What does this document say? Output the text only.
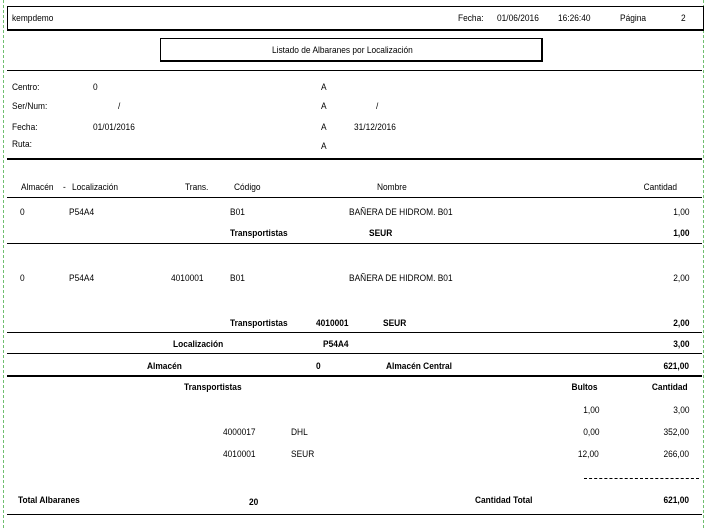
kempdemo	Fecha: 01/06/2016 16:26:40	Página	2
Listado de Albaranes por Localización
Centro:	0	A
Ser/Num:	/	A	/
Fecha:	01/01/2016	A	31/12/2016
Ruta:	A
Almacén - Localización	Trans.	Código	Nombre	Cantidad
0	P54A4	B01	BAÑERA DE HIDROM. B01	1,00
Transportistas	SEUR	1,00
0	P54A4	4010001	B01	BAÑERA DE HIDROM. B01	2,00
Transportistas	4010001	SEUR	2,00
Localización	P54A4	3,00
Almacén	0	Almacén Central	621,00
Transportistas	Bultos	Cantidad
1,00	3,00
4000017	DHL	0,00	352,00
4010001	SEUR	12,00	266,00
Total Albaranes	20	Cantidad Total	621,00
